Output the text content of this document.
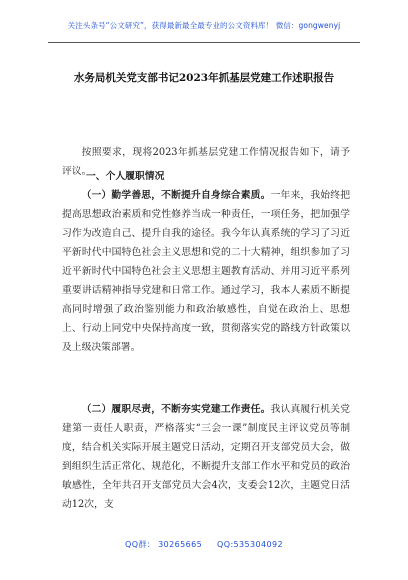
关注头条号“公文研究”，获得最新最全最专业的公文资料库！ 微信：gongwenyj
水务局机关党支部书记2023年抓基层党建工作述职报告
按照要求，现将2023年抓基层党建工作情况报告如下，请予评议。
一、个人履职情况
（一）勤学善思，不断提升自身综合素质。一年来，我始终把提高思想政治素质和党性修养当成一种责任，一项任务，把加强学习作为改造自己、提升自我的途径。我今年认真系统的学习了习近平新时代中国特色社会主义思想和党的二十大精神，组织参加了习近平新时代中国特色社会主义思想主题教育活动、并用习近平系列重要讲话精神指导党建和日常工作。通过学习，我本人素质不断提高同时增强了政治鉴别能力和政治敏感性，自觉在政治上、思想上、行动上同党中央保持高度一致，贯彻落实党的路线方针政策以及上级决策部署。
（二）履职尽责，不断夯实党建工作责任。我认真履行机关党建第一责任人职责，严格落实“三会一课”制度民主评议党员等制度，结合机关实际开展主题党日活动，定期召开支部党员大会，做到组织生活正常化、规范化，不断提升支部工作水平和党员的政治敏感性，全年共召开支部党员大会4次，支委会12次，主题党日活动12次，支
QQ群： 30265665 QQ:535304092
